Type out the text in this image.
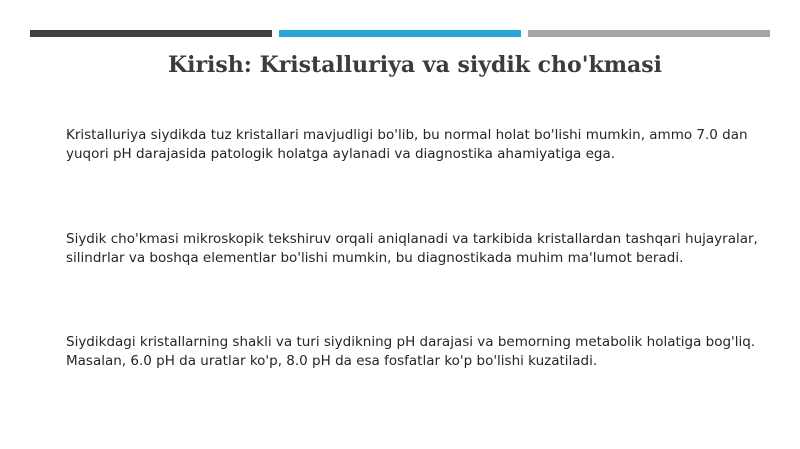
Kirish: Kristalluriya va siydik cho'kmasi

Kristalluriya siydikda tuz kristallari mavjudligi bo'lib, bu normal holat bo'lishi mumkin, ammo 7.0 dan yuqori pH darajasida patologik holatga aylanadi va diagnostika ahamiyatiga ega.

Siydik cho'kmasi mikroskopik tekshiruv orqali aniqlanadi va tarkibida kristallardan tashqari hujayralar, silindrlar va boshqa elementlar bo'lishi mumkin, bu diagnostikada muhim ma'lumot beradi.

Siydikdagi kristallarning shakli va turi siydikning pH darajasi va bemorning metabolik holatiga bog'liq. Masalan, 6.0 pH da uratlar ko'p, 8.0 pH da esa fosfatlar ko'p bo'lishi kuzatiladi.
